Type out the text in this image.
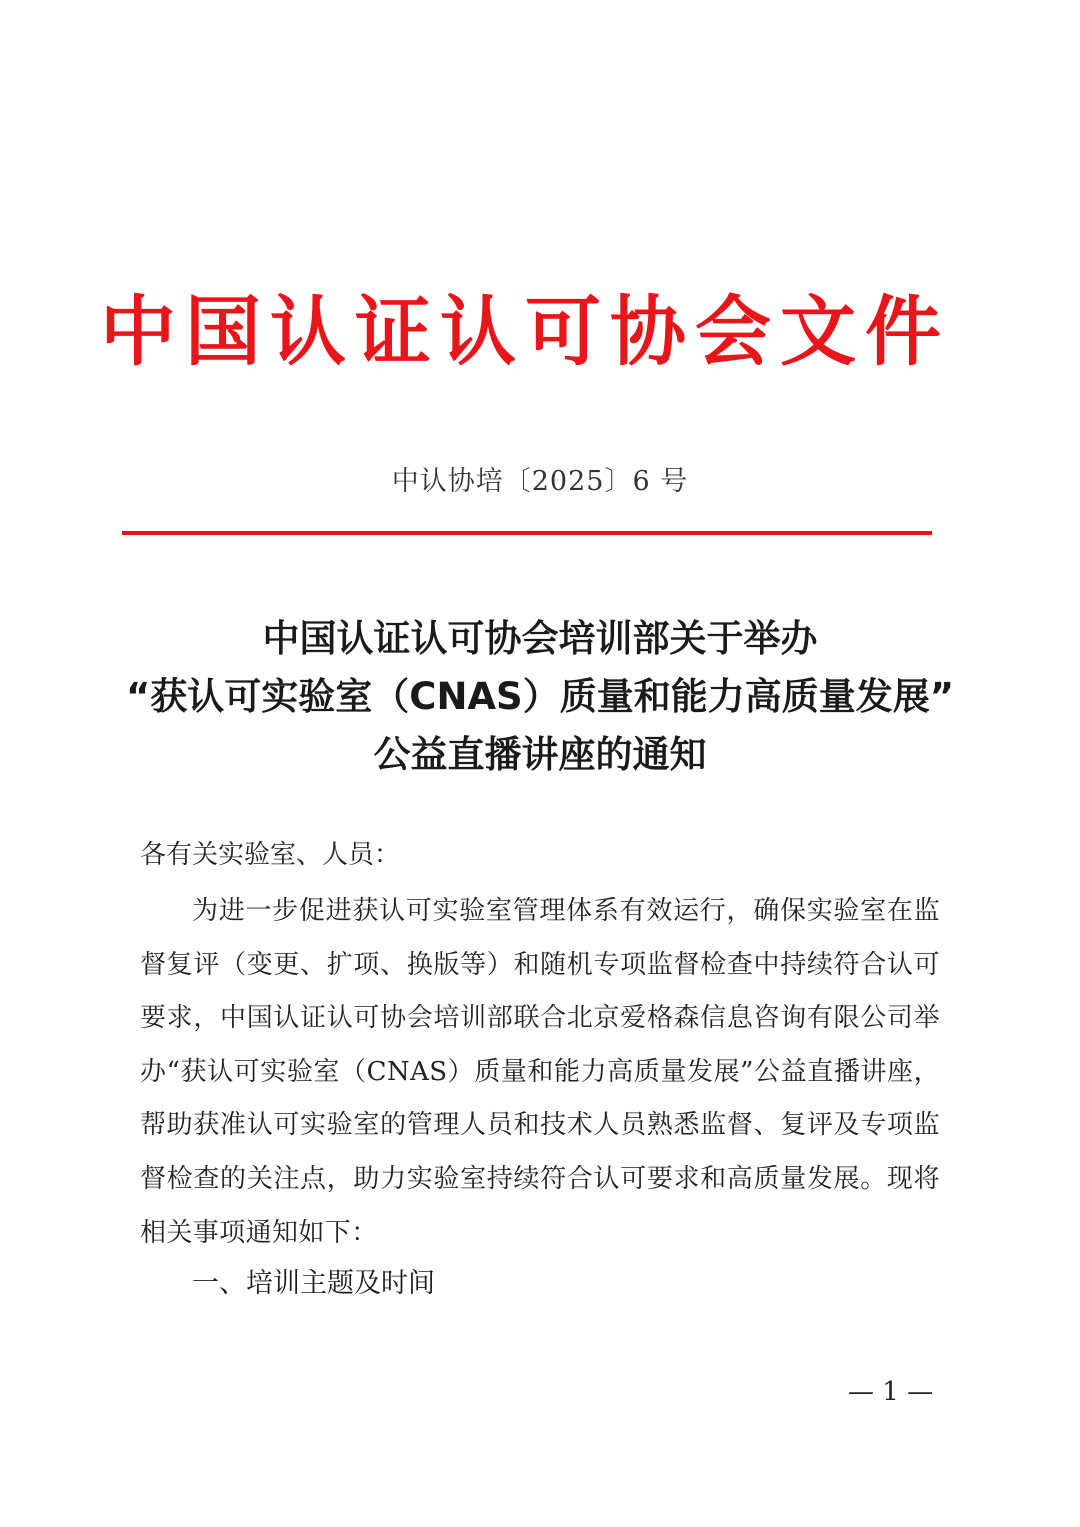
中国认证认可协会文件
中认协培〔2025〕6 号
中国认证认可协会培训部关于举办
“获认可实验室（CNAS）质量和能力高质量发展”
公益直播讲座的通知
各有关实验室、人员：
为进一步促进获认可实验室管理体系有效运行，确保实验室在监督复评（变更、扩项、换版等）和随机专项监督检查中持续符合认可要求，中国认证认可协会培训部联合北京爱格森信息咨询有限公司举办“获认可实验室（CNAS）质量和能力高质量发展”公益直播讲座，帮助获准认可实验室的管理人员和技术人员熟悉监督、复评及专项监督检查的关注点，助力实验室持续符合认可要求和高质量发展。现将相关事项通知如下：
一、培训主题及时间
— 1 —
